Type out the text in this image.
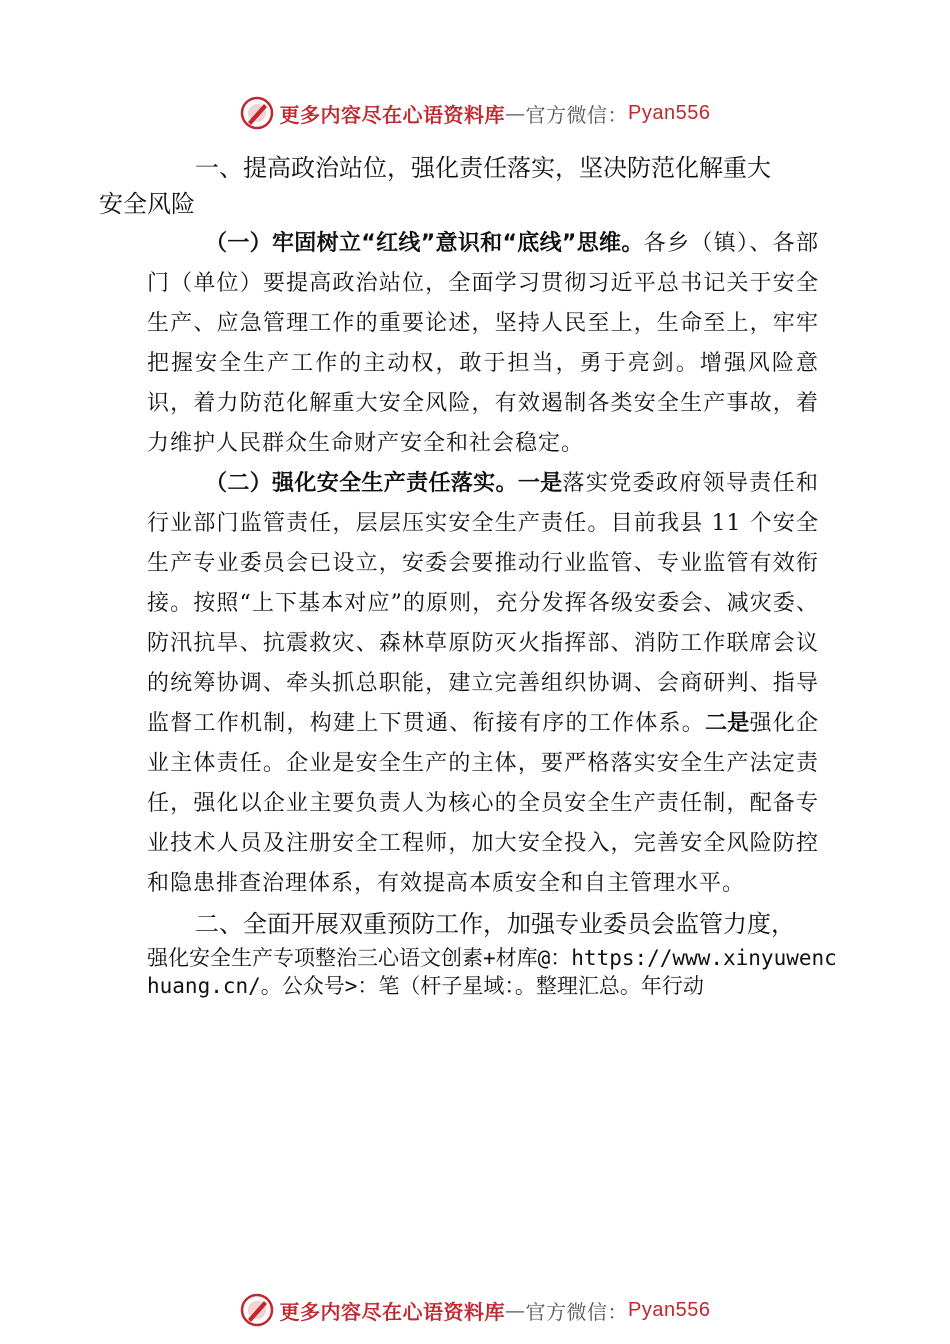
更多内容尽在心语资料库 — 官方微信： Pyan556

一、提高政治站位，强化责任落实，坚决防范化解重大
安全风险

（一）牢固树立“红线”意识和“底线”思维。各乡（镇）、各部门（单位）要提高政治站位，全面学习贯彻习近平总书记关于安全生产、应急管理工作的重要论述，坚持人民至上，生命至上，牢牢把握安全生产工作的主动权，敢于担当，勇于亮剑。增强风险意识，着力防范化解重大安全风险，有效遏制各类安全生产事故，着力维护人民群众生命财产安全和社会稳定。

（二）强化安全生产责任落实。一是落实党委政府领导责任和行业部门监管责任，层层压实安全生产责任。目前我县 11 个安全生产专业委员会已设立，安委会要推动行业监管、专业监管有效衔接。按照“上下基本对应”的原则，充分发挥各级安委会、减灾委、防汛抗旱、抗震救灾、森林草原防灭火指挥部、消防工作联席会议的统筹协调、牵头抓总职能，建立完善组织协调、会商研判、指导监督工作机制，构建上下贯通、衔接有序的工作体系。二是强化企业主体责任。企业是安全生产的主体，要严格落实安全生产法定责任，强化以企业主要负责人为核心的全员安全生产责任制，配备专业技术人员及注册安全工程师，加大安全投入，完善安全风险防控和隐患排查治理体系，有效提高本质安全和自主管理水平。

二、全面开展双重预防工作，加强专业委员会监管力度，

强化安全生产专项整治三心语文创素+材库@：https://www.xinyuwenchuang.cn/。公众号>：笔（杆子星域：。整理汇总。年行动

更多内容尽在心语资料库 — 官方微信： Pyan556
